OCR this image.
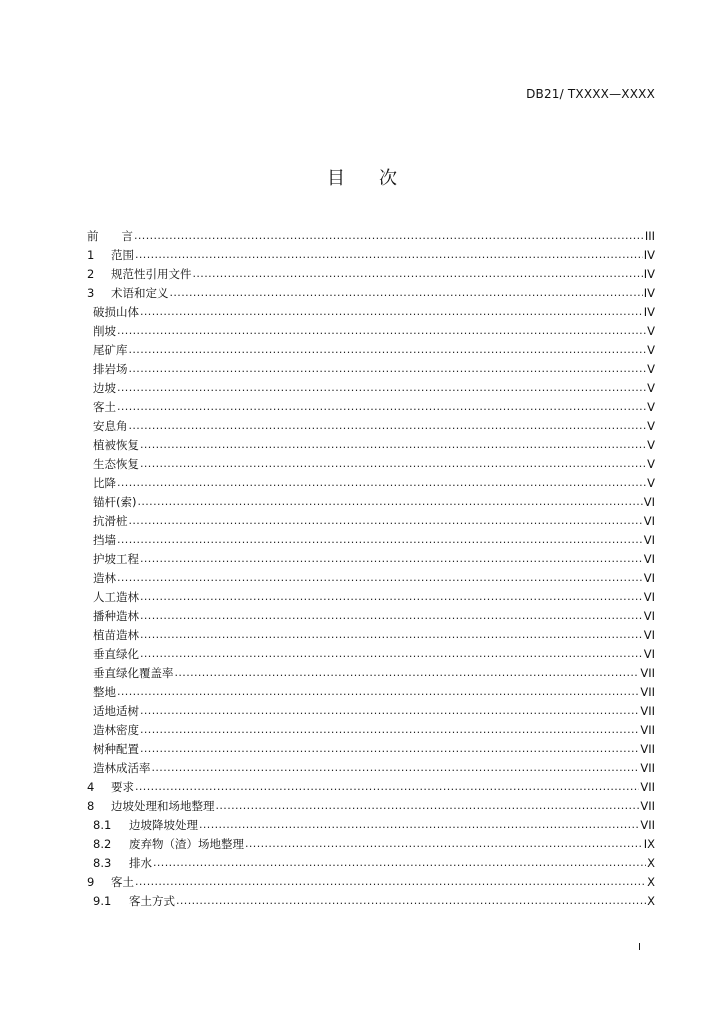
DB21/ TXXXX—XXXX
目 次
前　　言 .....	III
1	范围 .....	IV
2	规范性引用文件 .....	IV
3	术语和定义 .....	IV
破损山体 .....	IV
削坡 .....	V
尾矿库 .....	V
排岩场 .....	V
边坡 .....	V
客土 .....	V
安息角 .....	V
植被恢复 .....	V
生态恢复 .....	V
比降 .....	V
锚杆(索) .....	VI
抗滑桩 .....	VI
挡墙 .....	VI
护坡工程 .....	VI
造林 .....	VI
人工造林 .....	VI
播种造林 .....	VI
植苗造林 .....	VI
垂直绿化 .....	VI
垂直绿化覆盖率 .....	VII
整地 .....	VII
适地适树 .....	VII
造林密度 .....	VII
树种配置 .....	VII
造林成活率 .....	VII
4	要求 .....	VII
8	边坡处理和场地整理 .....	VII
8.1	边坡降坡处理 .....	VII
8.2	废弃物（渣）场地整理 .....	IX
8.3	排水 .....	X
9	客土 .....	X
9.1	客土方式 .....	X
I
